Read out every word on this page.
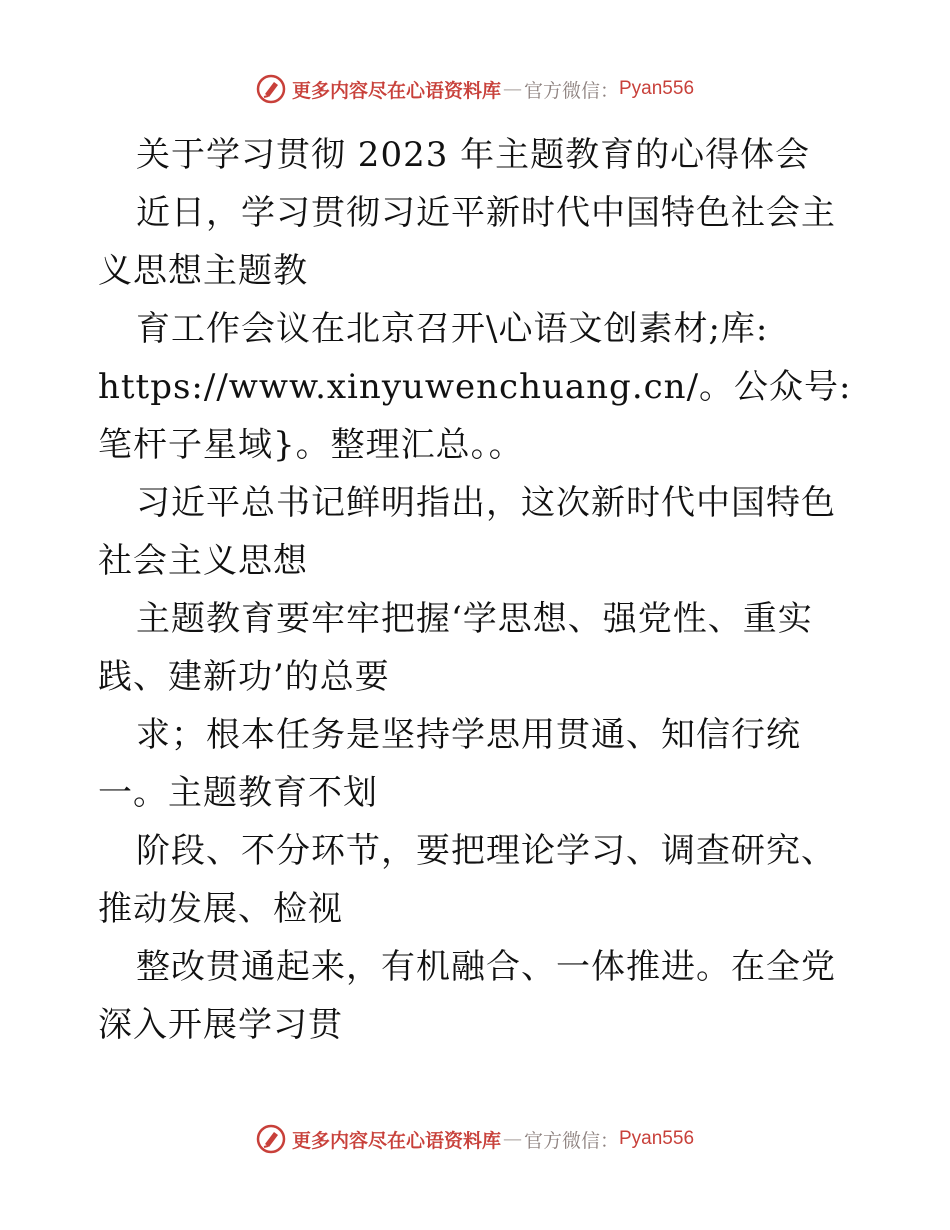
更多内容尽在心语资料库 — 官方微信： Pyan556

关于学习贯彻 2023 年主题教育的心得体会

近日，学习贯彻习近平新时代中国特色社会主义思想主题教

育工作会议在北京召开\心语文创素材;库: https://www.xinyuwenchuang.cn/。公众号: 笔杆子星域}。整理汇总。。

习近平总书记鲜明指出，这次新时代中国特色社会主义思想

主题教育要牢牢把握‘学思想、强党性、重实践、建新功’的总要

求；根本任务是坚持学思用贯通、知信行统一。主题教育不划

阶段、不分环节，要把理论学习、调查研究、推动发展、检视

整改贯通起来，有机融合、一体推进。在全党深入开展学习贯

更多内容尽在心语资料库 — 官方微信： Pyan556
